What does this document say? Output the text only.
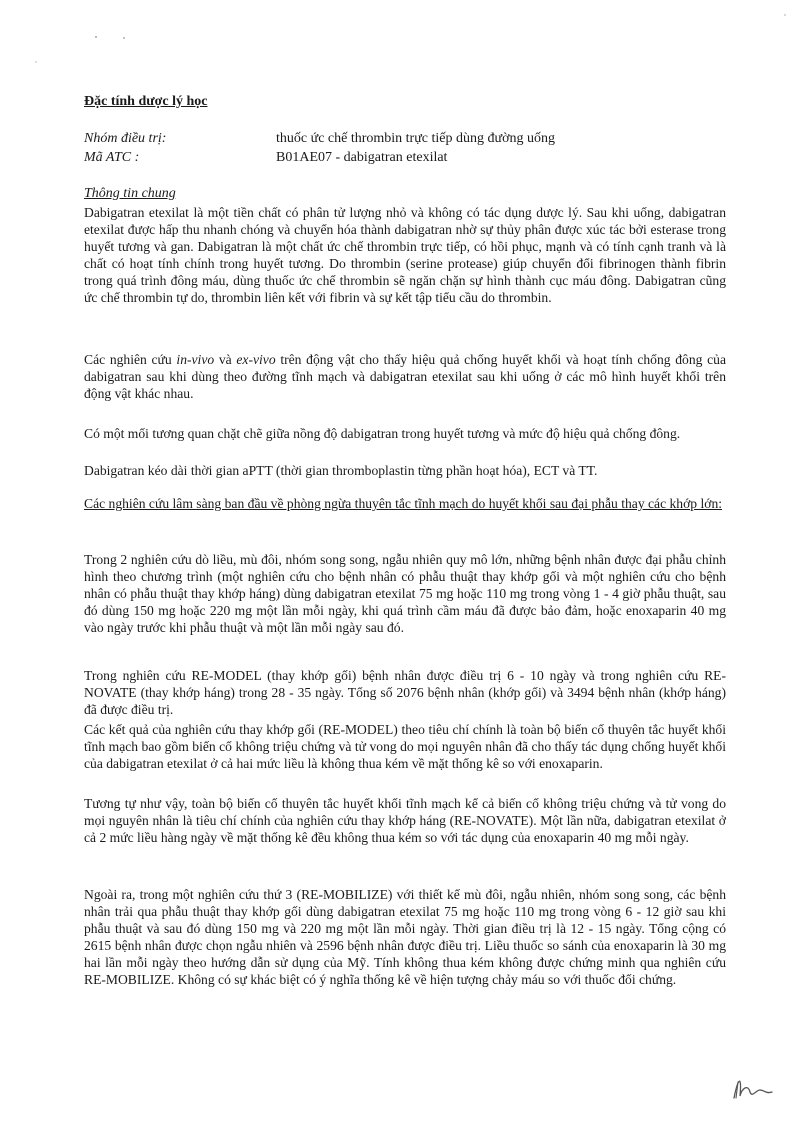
Đặc tính dược lý học
Nhóm điều trị:	thuốc ức chế thrombin trực tiếp dùng đường uống
Mã ATC :	B01AE07 - dabigatran etexilat
Thông tin chung
Dabigatran etexilat là một tiền chất có phân tử lượng nhỏ và không có tác dụng dược lý. Sau khi uống, dabigatran etexilat được hấp thu nhanh chóng và chuyển hóa thành dabigatran nhờ sự thủy phân được xúc tác bởi esterase trong huyết tương và gan. Dabigatran là một chất ức chế thrombin trực tiếp, có hồi phục, mạnh và có tính cạnh tranh và là chất có hoạt tính chính trong huyết tương. Do thrombin (serine protease) giúp chuyển đổi fibrinogen thành fibrin trong quá trình đông máu, dùng thuốc ức chế thrombin sẽ ngăn chặn sự hình thành cục máu đông. Dabigatran cũng ức chế thrombin tự do, thrombin liên kết với fibrin và sự kết tập tiểu cầu do thrombin.
Các nghiên cứu in-vivo và ex-vivo trên động vật cho thấy hiệu quả chống huyết khối và hoạt tính chống đông của dabigatran sau khi dùng theo đường tĩnh mạch và dabigatran etexilat sau khi uống ở các mô hình huyết khối trên động vật khác nhau.
Có một mối tương quan chặt chẽ giữa nồng độ dabigatran trong huyết tương và mức độ hiệu quả chống đông.
Dabigatran kéo dài thời gian aPTT (thời gian thromboplastin từng phần hoạt hóa), ECT và TT.
Các nghiên cứu lâm sàng ban đầu về phòng ngừa thuyên tắc tĩnh mạch do huyết khối sau đại phẫu thay các khớp lớn:
Trong 2 nghiên cứu dò liều, mù đôi, nhóm song song, ngẫu nhiên quy mô lớn, những bệnh nhân được đại phẫu chỉnh hình theo chương trình (một nghiên cứu cho bệnh nhân có phẫu thuật thay khớp gối và một nghiên cứu cho bệnh nhân có phẫu thuật thay khớp háng) dùng dabigatran etexilat 75 mg hoặc 110 mg trong vòng 1 - 4 giờ phẫu thuật, sau đó dùng 150 mg hoặc 220 mg một lần mỗi ngày, khi quá trình cầm máu đã được bảo đảm, hoặc enoxaparin 40 mg vào ngày trước khi phẫu thuật và một lần mỗi ngày sau đó.
Trong nghiên cứu RE-MODEL (thay khớp gối) bệnh nhân được điều trị 6 - 10 ngày và trong nghiên cứu RE-NOVATE (thay khớp háng) trong 28 - 35 ngày. Tổng số 2076 bệnh nhân (khớp gối) và 3494 bệnh nhân (khớp háng) đã được điều trị.
Các kết quả của nghiên cứu thay khớp gối (RE-MODEL) theo tiêu chí chính là toàn bộ biến cố thuyên tắc huyết khối tĩnh mạch bao gồm biến cố không triệu chứng và tử vong do mọi nguyên nhân đã cho thấy tác dụng chống huyết khối của dabigatran etexilat ở cả hai mức liều là không thua kém về mặt thống kê so với enoxaparin.
Tương tự như vậy, toàn bộ biến cố thuyên tắc huyết khối tĩnh mạch kể cả biến cố không triệu chứng và tử vong do mọi nguyên nhân là tiêu chí chính của nghiên cứu thay khớp háng (RE-NOVATE). Một lần nữa, dabigatran etexilat ở cả 2 mức liều hàng ngày về mặt thống kê đều không thua kém so với tác dụng của enoxaparin 40 mg mỗi ngày.
Ngoài ra, trong một nghiên cứu thứ 3 (RE-MOBILIZE) với thiết kế mù đôi, ngẫu nhiên, nhóm song song, các bệnh nhân trải qua phẫu thuật thay khớp gối dùng dabigatran etexilat 75 mg hoặc 110 mg trong vòng 6 - 12 giờ sau khi phẫu thuật và sau đó dùng 150 mg và 220 mg một lần mỗi ngày. Thời gian điều trị là 12 - 15 ngày. Tổng cộng có 2615 bệnh nhân được chọn ngẫu nhiên và 2596 bệnh nhân được điều trị. Liều thuốc so sánh của enoxaparin là 30 mg hai lần mỗi ngày theo hướng dẫn sử dụng của Mỹ. Tính không thua kém không được chứng minh qua nghiên cứu RE-MOBILIZE. Không có sự khác biệt có ý nghĩa thống kê về hiện tượng chảy máu so với thuốc đối chứng.
